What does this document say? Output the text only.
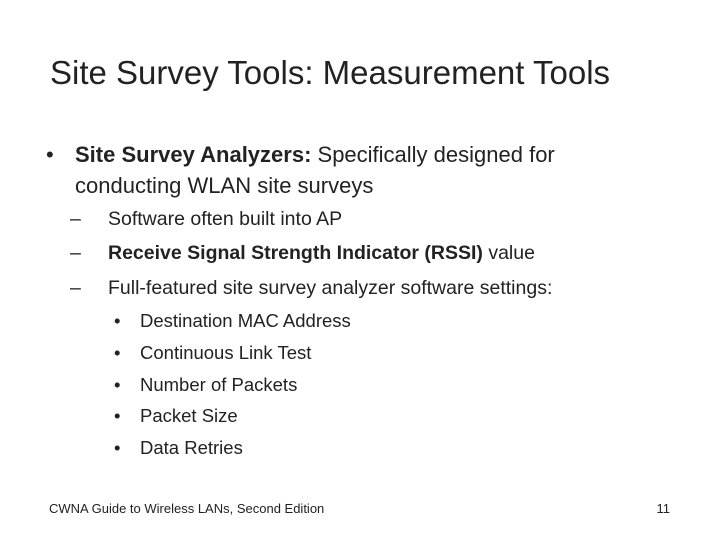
Site Survey Tools: Measurement Tools
• Site Survey Analyzers: Specifically designed for conducting WLAN site surveys
– Software often built into AP
– Receive Signal Strength Indicator (RSSI) value
– Full-featured site survey analyzer software settings:
• Destination MAC Address
• Continuous Link Test
• Number of Packets
• Packet Size
• Data Retries
CWNA Guide to Wireless LANs, Second Edition	11
